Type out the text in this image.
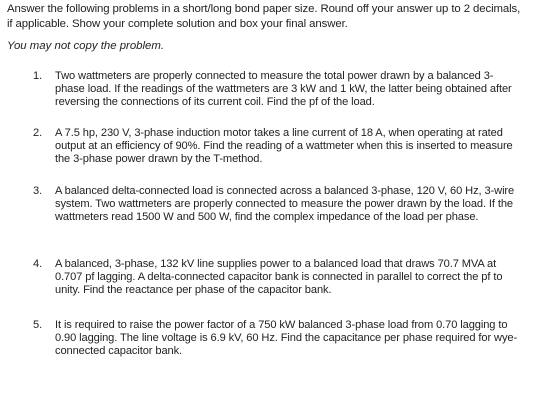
Answer the following problems in a short/long bond paper size. Round off your answer up to 2 decimals, if applicable. Show your complete solution and box your final answer.
You may not copy the problem.
1. Two wattmeters are properly connected to measure the total power drawn by a balanced 3-phase load. If the readings of the wattmeters are 3 kW and 1 kW, the latter being obtained after reversing the connections of its current coil. Find the pf of the load.
2. A 7.5 hp, 230 V, 3-phase induction motor takes a line current of 18 A, when operating at rated output at an efficiency of 90%. Find the reading of a wattmeter when this is inserted to measure the 3-phase power drawn by the T-method.
3. A balanced delta-connected load is connected across a balanced 3-phase, 120 V, 60 Hz, 3-wire system. Two wattmeters are properly connected to measure the power drawn by the load. If the wattmeters read 1500 W and 500 W, find the complex impedance of the load per phase.
4. A balanced, 3-phase, 132 kV line supplies power to a balanced load that draws 70.7 MVA at 0.707 pf lagging. A delta-connected capacitor bank is connected in parallel to correct the pf to unity. Find the reactance per phase of the capacitor bank.
5. It is required to raise the power factor of a 750 kW balanced 3-phase load from 0.70 lagging to 0.90 lagging. The line voltage is 6.9 kV, 60 Hz. Find the capacitance per phase required for wye-connected capacitor bank.
